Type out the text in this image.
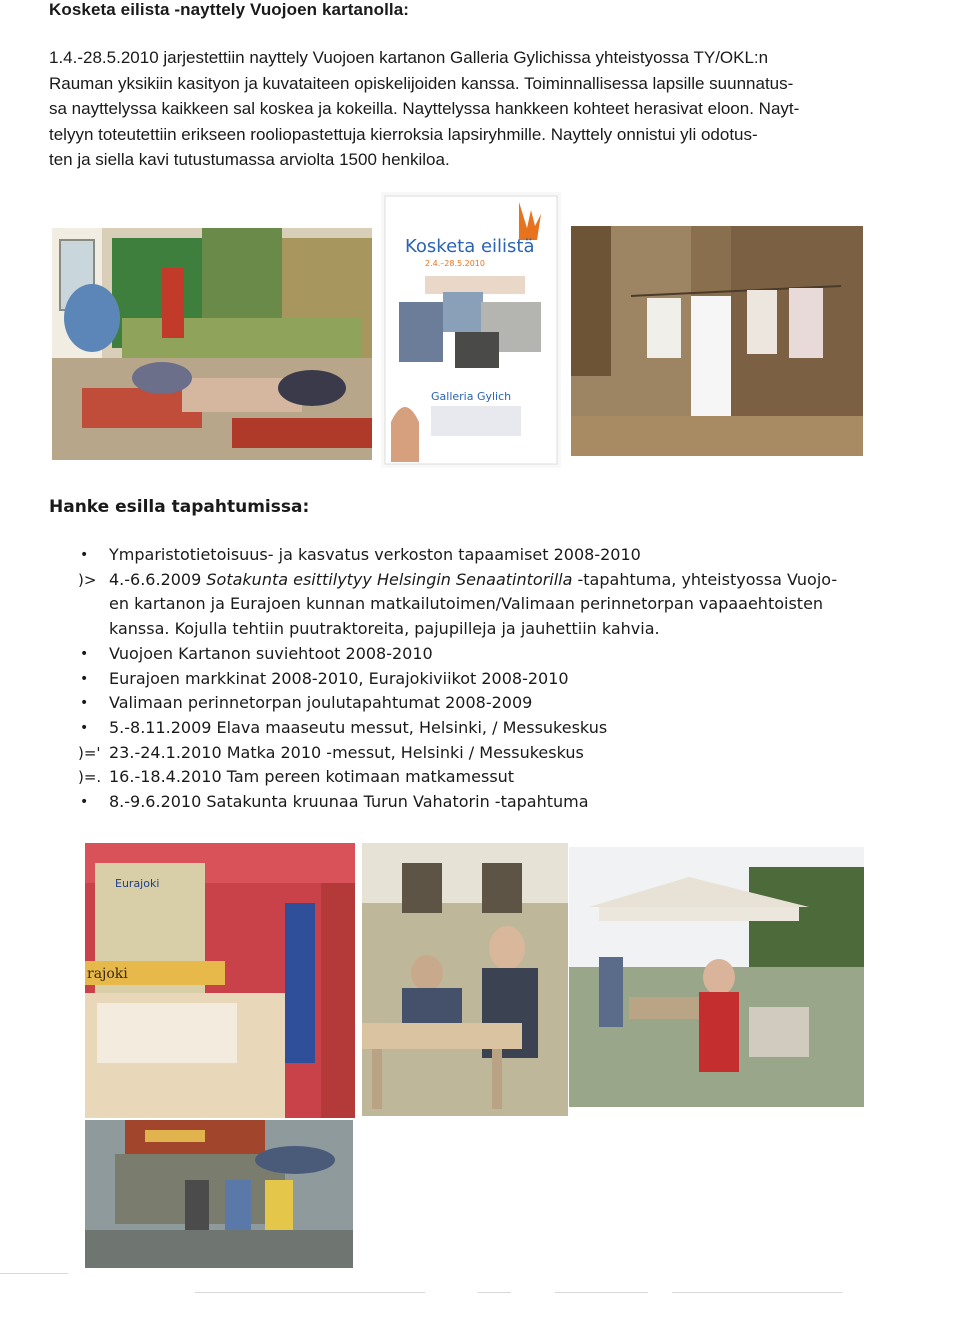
Kosketa eilista -nayttely Vuojoen kartanolla:

1.4.-28.5.2010 jarjestettiin nayttely Vuojoen kartanon Galleria Gylichissa yhteistyossa TY/OKL:n

Rauman yksikiin kasityon ja kuvataiteen opiskelijoiden kanssa. Toiminnallisessa lapsille suunnatus-

sa nayttelyssa kaikkeen sal koskea ja kokeilla. Nayttelyssa hankkeen kohteet herasivat eloon. Nayt-

telyyn toteutettiin erikseen rooliopastettuja kierroksia lapsiryhmille. Nayttely onnistui yli odotus-

ten ja siella kavi tutustumassa arviolta 1500 henkiloa.

Kosketa eilistä
2.4.–28.5.2010
Galleria Gylich
Hanke esilla tapahtumissa:
•	Ymparistotietoisuus- ja kasvatus verkoston tapaamiset 2008-2010
)> 4.-6.6.2009 Sotakunta esittilytyy Helsingin Senaatintorilla -tapahtuma, yhteistyossa Vuojo-
en kartanon ja Eurajoen kunnan matkailutoimen/Valimaan perinnetorpan vapaaehtoisten
kanssa. Kojulla tehtiin puutraktoreita, pajupilleja ja jauhettiin kahvia.
•	Vuojoen Kartanon suviehtoot 2008-2010
•	Eurajoen markkinat 2008-2010, Eurajokiviikot 2008-2010
•	Valimaan perinnetorpan joulutapahtumat 2008-2009
•	5.-8.11.2009 Elava maaseutu messut, Helsinki, / Messukeskus
)=' 23.-24.1.2010 Matka 2010 -messut, Helsinki / Messukeskus
)=. 16.-18.4.2010 Tam pereen kotimaan matkamessut
•	8.-9.6.2010 Satakunta kruunaa Turun Vahatorin -tapahtuma
Eurajoki
rajoki
